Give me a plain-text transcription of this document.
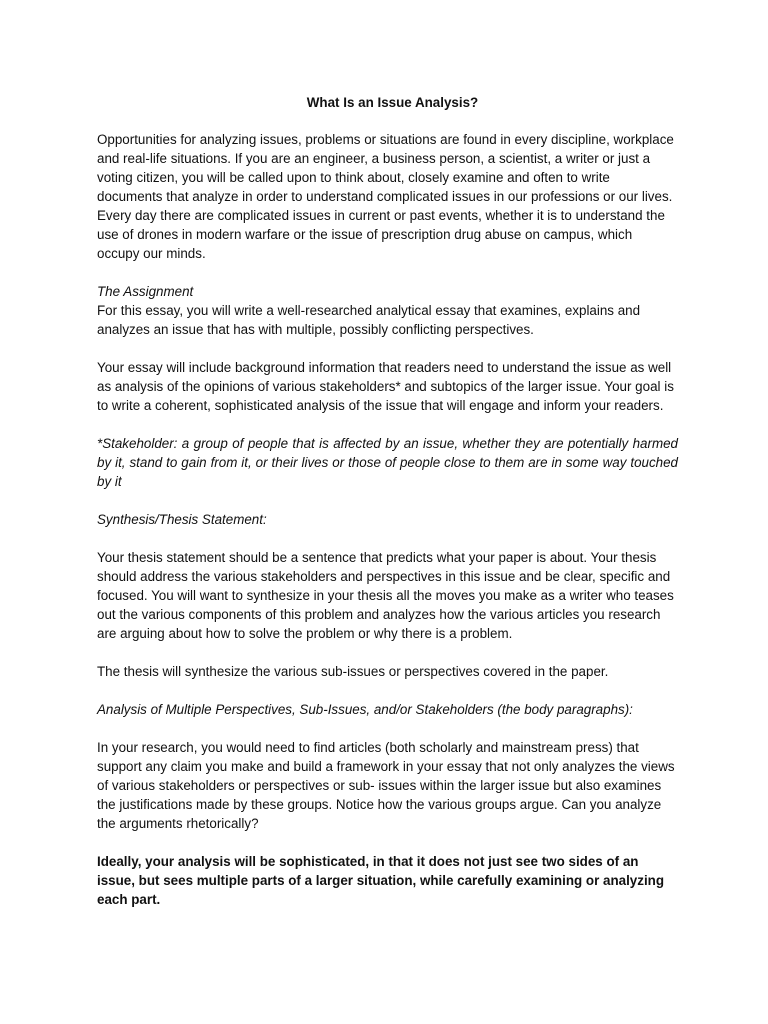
What Is an Issue Analysis?

Opportunities for analyzing issues, problems or situations are found in every discipline, workplace and real-life situations. If you are an engineer, a business person, a scientist, a writer or just a voting citizen, you will be called upon to think about, closely examine and often to write documents that analyze in order to understand complicated issues in our professions or our lives. Every day there are complicated issues in current or past events, whether it is to understand the use of drones in modern warfare or the issue of prescription drug abuse on campus, which occupy our minds.

The Assignment

For this essay, you will write a well-researched analytical essay that examines, explains and analyzes an issue that has with multiple, possibly conflicting perspectives.

Your essay will include background information that readers need to understand the issue as well as analysis of the opinions of various stakeholders* and subtopics of the larger issue. Your goal is to write a coherent, sophisticated analysis of the issue that will engage and inform your readers.

*Stakeholder: a group of people that is affected by an issue, whether they are potentially harmed by it, stand to gain from it, or their lives or those of people close to them are in some way touched by it

Synthesis/Thesis Statement:

Your thesis statement should be a sentence that predicts what your paper is about. Your thesis should address the various stakeholders and perspectives in this issue and be clear, specific and focused. You will want to synthesize in your thesis all the moves you make as a writer who teases out the various components of this problem and analyzes how the various articles you research are arguing about how to solve the problem or why there is a problem.

The thesis will synthesize the various sub-issues or perspectives covered in the paper.

Analysis of Multiple Perspectives, Sub-Issues, and/or Stakeholders (the body paragraphs):

In your research, you would need to find articles (both scholarly and mainstream press) that support any claim you make and build a framework in your essay that not only analyzes the views of various stakeholders or perspectives or sub- issues within the larger issue but also examines the justifications made by these groups. Notice how the various groups argue. Can you analyze the arguments rhetorically?

Ideally, your analysis will be sophisticated, in that it does not just see two sides of an issue, but sees multiple parts of a larger situation, while carefully examining or analyzing each part.
